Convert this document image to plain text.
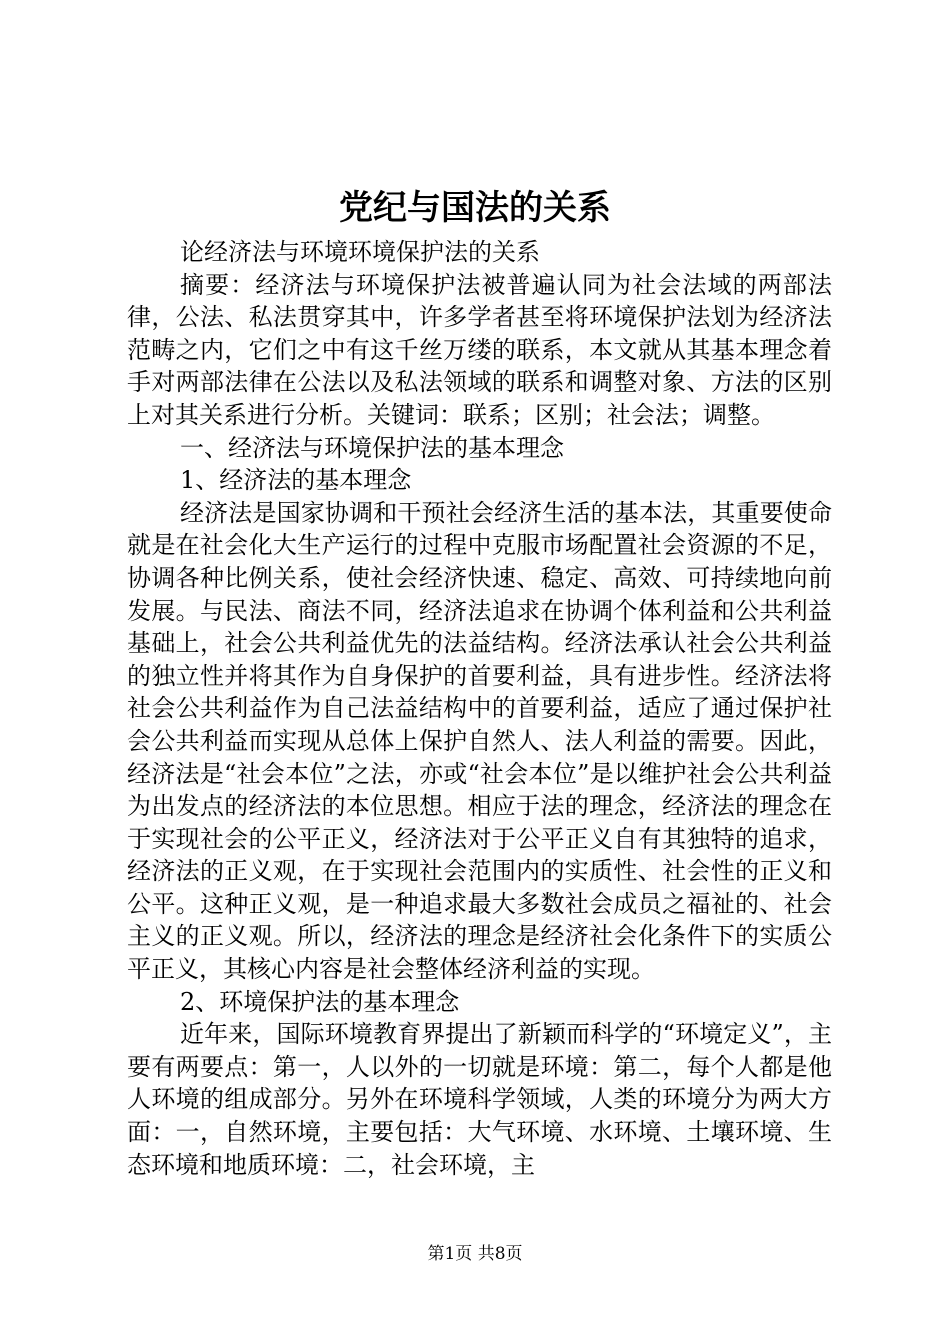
党纪与国法的关系

论经济法与环境环境保护法的关系

摘要：经济法与环境保护法被普遍认同为社会法域的两部法律，公法、私法贯穿其中，许多学者甚至将环境保护法划为经济法范畴之内，它们之中有这千丝万缕的联系，本文就从其基本理念着手对两部法律在公法以及私法领域的联系和调整对象、方法的区别上对其关系进行分析。关键词：联系；区别；社会法；调整。

一、经济法与环境保护法的基本理念

1、经济法的基本理念

经济法是国家协调和干预社会经济生活的基本法，其重要使命就是在社会化大生产运行的过程中克服市场配置社会资源的不足，协调各种比例关系，使社会经济快速、稳定、高效、可持续地向前发展。与民法、商法不同，经济法追求在协调个体利益和公共利益基础上，社会公共利益优先的法益结构。经济法承认社会公共利益的独立性并将其作为自身保护的首要利益，具有进步性。经济法将社会公共利益作为自己法益结构中的首要利益，适应了通过保护社会公共利益而实现从总体上保护自然人、法人利益的需要。因此，经济法是“社会本位”之法，亦或“社会本位”是以维护社会公共利益为出发点的经济法的本位思想。相应于法的理念，经济法的理念在于实现社会的公平正义，经济法对于公平正义自有其独特的追求，经济法的正义观，在于实现社会范围内的实质性、社会性的正义和公平。这种正义观，是一种追求最大多数社会成员之福祉的、社会主义的正义观。所以，经济法的理念是经济社会化条件下的实质公平正义，其核心内容是社会整体经济利益的实现。

2、环境保护法的基本理念

近年来，国际环境教育界提出了新颖而科学的“环境定义”，主要有两要点：第一，人以外的一切就是环境：第二，每个人都是他人环境的组成部分。另外在环境科学领域，人类的环境分为两大方面：一，自然环境，主要包括：大气环境、水环境、土壤环境、生态环境和地质环境：二，社会环境，主

第1页 共8页
